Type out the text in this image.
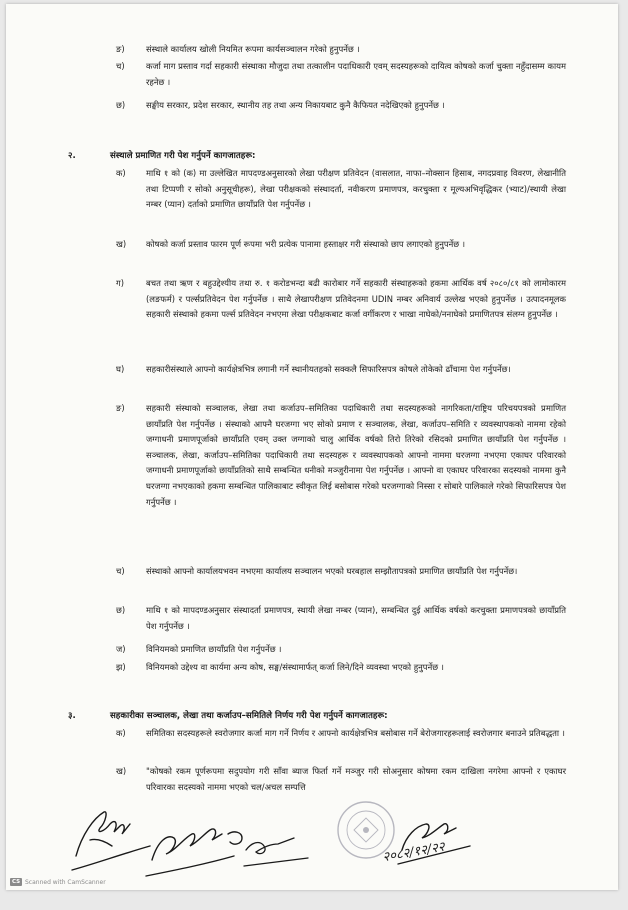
ङ)	संस्थाले कार्यालय खोली नियमित रूपमा कार्यसञ्चालन गरेको हुनुपर्नेछ ।
च)	कर्जा माग प्रस्ताव गर्दा सहकारी संस्थाका मौजुदा तथा तत्कालीन पदाधिकारी एवम् सदस्यहरूको दायित्व कोषको कर्जा चुक्ता नहुँदासम्म कायम रहनेछ ।
छ) सङ्घीय सरकार, प्रदेश सरकार, स्थानीय तह तथा अन्य निकायबाट कुनै कैफियत नदेखिएको हुनुपर्नेछ ।
२.	संस्थाले प्रमाणित गरी पेश गर्नुपर्ने कागजातहरू:
क) माथि १ को (क) मा उल्लेखित मापदण्डअनुसारको लेखा परीक्षण प्रतिवेदन (वासलात, नाफा–नोक्सान हिसाब, नगदप्रवाह विवरण, लेखानीति तथा टिप्पणी र सोको अनुसूचीहरू), लेखा परीक्षकको संस्थादर्ता, नवीकरण प्रमाणपत्र, करचुक्ता र मूल्यअभिवृद्धिकर (भ्याट)/स्थायी लेखा नम्बर (प्यान) दर्ताको प्रमाणित छायाँप्रति पेश गर्नुपर्नेछ ।
ख) कोषको कर्जा प्रस्ताव फारम पूर्ण रूपमा भरी प्रत्येक पानामा हस्ताक्षर गरी संस्थाको छाप लगाएको हुनुपर्नेछ ।
ग)	बचत तथा ऋण र बहुउद्देश्यीय तथा रु. १ करोडभन्दा बढी कारोबार गर्ने सहकारी संस्थाहरूको हकमा आर्थिक वर्ष २०८०/८१ को लामोकारम (लङफर्म) र पर्ल्सप्रतिवेदन पेश गर्नुपर्नेछ । साथै लेखापरीक्षण प्रतिवेदनमा UDIN नम्बर अनिवार्य उल्लेख भएको हुनुपर्नेछ । उत्पादनमूलक सहकारी संस्थाको हकमा पर्ल्स प्रतिवेदन नभएमा लेखा परीक्षकबाट कर्जा वर्गीकरण र भाखा नाघेको/ननाघेको प्रमाणितपत्र संलग्न हुनुपर्नेछ ।
घ)	सहकारीसंस्थाले आफ्नो कार्यक्षेत्रभित्र लगानी गर्ने स्थानीयतहको सक्कलै सिफारिसपत्र कोषले तोकेको ढाँचामा पेश गर्नुपर्नेछ।
ङ)	सहकारी संस्थाको सञ्चालक, लेखा तथा कर्जाउप–समितिका पदाधिकारी तथा सदस्यहरूको नागरिकता/राष्ट्रिय परिचयपत्रको प्रमाणित छायाँप्रति पेश गर्नुपर्नेछ । संस्थाको आफ्नै घरजग्गा भए सोको प्रमाण र सञ्चालक, लेखा, कर्जाउप–समिति र व्यवस्थापकको नाममा रहेको जग्गाधनी प्रमाणपूर्जाको छायाँप्रति एवम् उक्त जग्गाको चालु आर्थिक वर्षको तिरो तिरेको रसिदको प्रमाणित छायाँप्रति पेश गर्नुपर्नेछ । सञ्चालक, लेखा, कर्जाउप–समितिका पदाधिकारी तथा सदस्यहरू र व्यवस्थापकको आफ्नो नाममा घरजग्गा नभएमा एकाघर परिवारको जग्गाधनी प्रमाणपूर्जाको छायाँप्रतिको साथै सम्बन्धित धनीको मञ्जुरीनामा पेश गर्नुपर्नेछ । आफ्नो वा एकाघर परिवारका सदस्यको नाममा कुनै घरजग्गा नभएकाको हकमा सम्बन्धित पालिकाबाट स्वीकृत लिई बसोबास गरेको घरजग्गाको निस्सा र सोबारे पालिकाले गरेको सिफारिसपत्र पेश गर्नुपर्नेछ ।
च)	संस्थाको आफ्नो कार्यालयभवन नभएमा कार्यालय सञ्चालन भएको घरबहाल सम्झौतापत्रको प्रमाणित छायाँप्रति पेश गर्नुपर्नेछ।
छ) माथि १ को मापदण्डअनुसार संस्थादर्ता प्रमाणपत्र, स्थायी लेखा नम्बर (प्यान), सम्बन्धित दुई आर्थिक वर्षको करचुक्ता प्रमाणपत्रको छायाँप्रति पेश गर्नुपर्नेछ ।
ज) विनियमको प्रमाणित छायाँप्रति पेश गर्नुपर्नेछ ।
झ) विनियमको उद्देश्य वा कार्यमा अन्य कोष, सङ्घ/संस्थामार्फत् कर्जा लिने/दिने व्यवस्था भएको हुनुपर्नेछ ।
३.	सहकारीका सञ्चालक, लेखा तथा कर्जाउप–समितिले निर्णय गरी पेश गर्नुपर्ने कागजातहरू:
क) समितिका सदस्यहरूले स्वरोजगार कर्जा माग गर्ने निर्णय र आफ्नो कार्यक्षेत्रभित्र बसोबास गर्ने बेरोजगारहरूलाई स्वरोजगार बनाउने प्रतिबद्धता ।
ख) "कोषको रकम पूर्णरूपमा सदुपयोग गरी साँवा ब्याज फिर्ता गर्ने मञ्जुर गरी सोअनुसार कोषमा रकम दाखिला नगरेमा आफ्नो र एकाघर परिवारका सदस्यको नाममा भएको चल/अचल सम्पत्ति
२०८२/१२/२२
CS Scanned with CamScanner
